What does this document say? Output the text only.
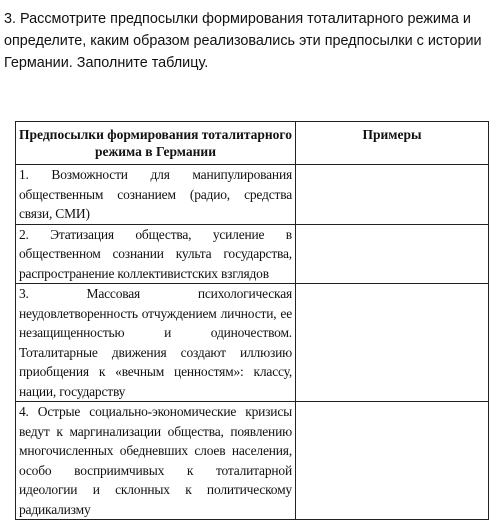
3. Рассмотрите предпосылки формирования тоталитарного режима и определите, каким образом реализовались эти предпосылки с истории Германии. Заполните таблицу.
Предпосылки формирования тоталитарного режима в Германии	Примеры
1. Возможности для манипулирования общественным сознанием (радио, средства связи, СМИ)	
2. Этатизация общества, усиление в общественном сознании культа государства, распространение коллективистских взглядов	
3. Массовая психологическая неудовлетворенность отчуждением личности, ее незащищенностью и одиночеством. Тоталитарные движения создают иллюзию приобщения к «вечным ценностям»: классу, нации, государству	
4. Острые социально-экономические кризисы ведут к маргинализации общества, появлению многочисленных обедневших слоев населения, особо восприимчивых к тоталитарной идеологии и склонных к политическому радикализму	
